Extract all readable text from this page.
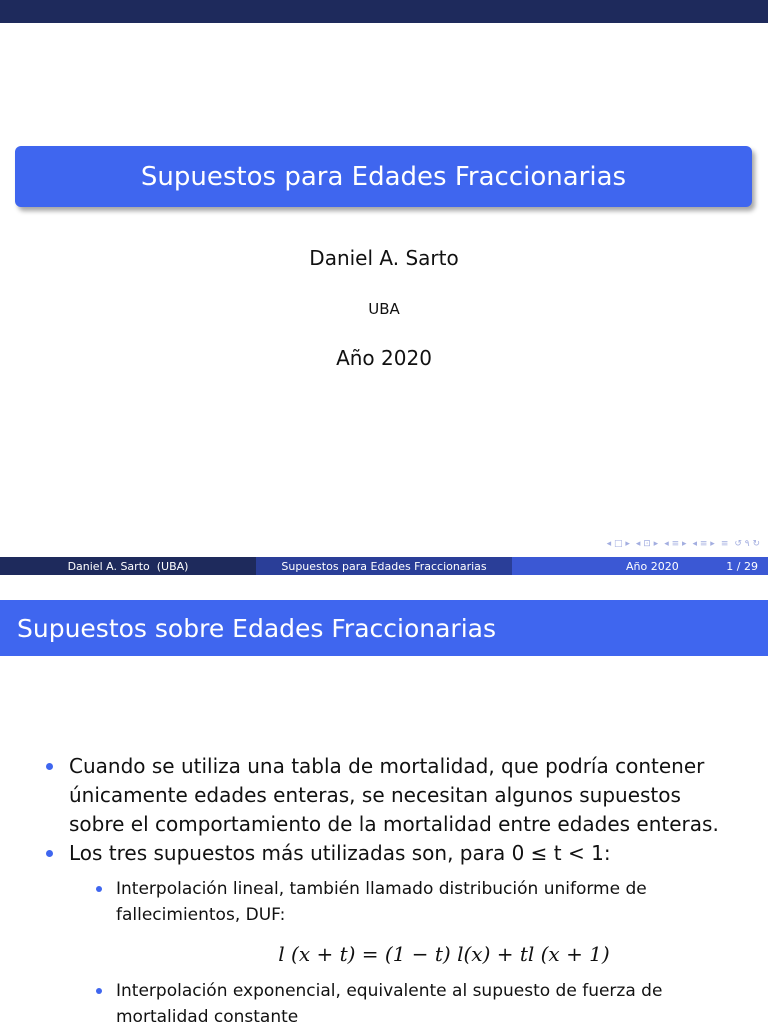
Supuestos para Edades Fraccionarias
Daniel A. Sarto
UBA
Año 2020
◂ □ ▸ ◂ ⊡ ▸ ◂ ≡ ▸ ◂ ≡ ▸ ≡ ↺ ۹ ↻
Daniel A. Sarto  (UBA)	Supuestos para Edades Fraccionarias	Año 2020	1 / 29
Supuestos sobre Edades Fraccionarias
Cuando se utiliza una tabla de mortalidad, que podría contener únicamente edades enteras, se necesitan algunos supuestos sobre el comportamiento de la mortalidad entre edades enteras.
Los tres supuestos más utilizadas son, para 0 ≤ t < 1:
Interpolación lineal, también llamado distribución uniforme de fallecimientos, DUF:
l (x + t) = (1 − t) l(x) + tl (x + 1)
Interpolación exponencial, equivalente al supuesto de fuerza de mortalidad constante
